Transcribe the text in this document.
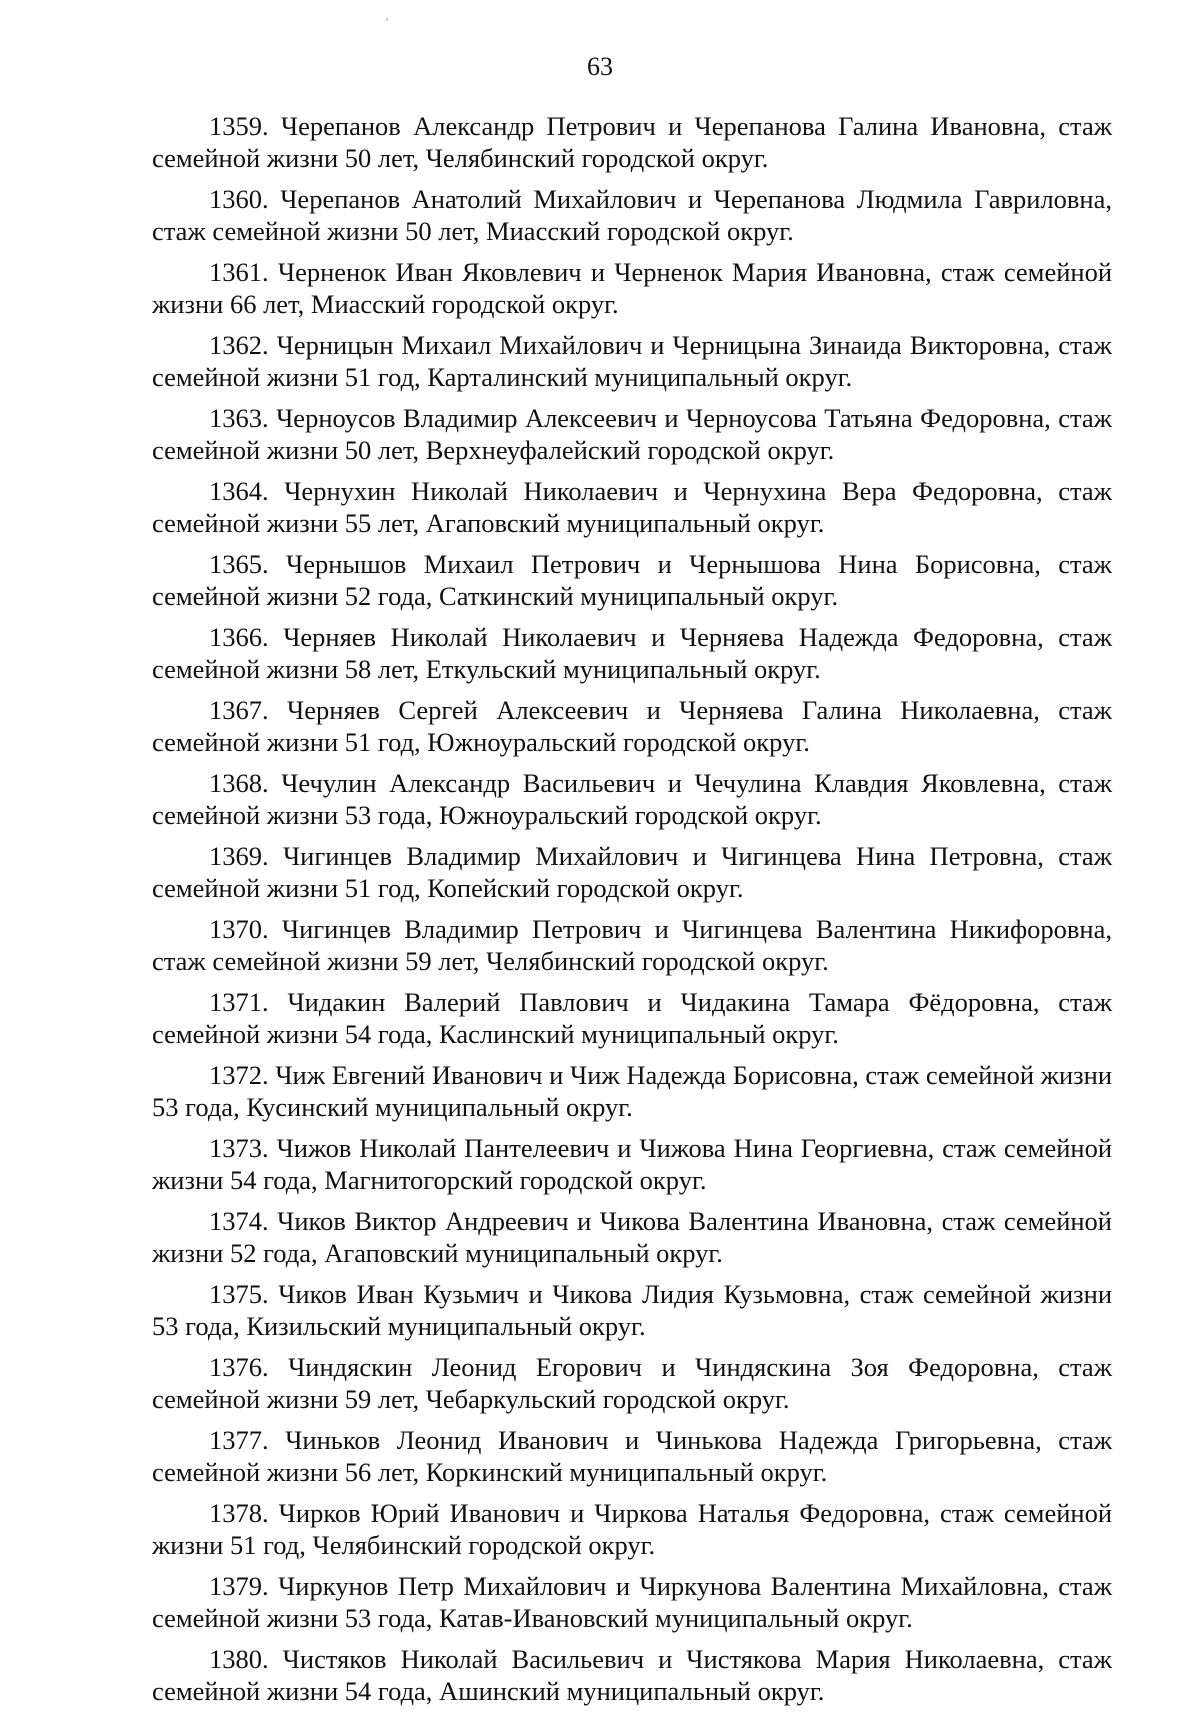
63

1359. Черепанов Александр Петрович и Черепанова Галина Ивановна, стаж семейной жизни 50 лет, Челябинский городской округ.

1360. Черепанов Анатолий Михайлович и Черепанова Людмила Гавриловна, стаж семейной жизни 50 лет, Миасский городской округ.

1361. Черненок Иван Яковлевич и Черненок Мария Ивановна, стаж семейной жизни 66 лет, Миасский городской округ.

1362. Черницын Михаил Михайлович и Черницына Зинаида Викторовна, стаж семейной жизни 51 год, Карталинский муниципальный округ.

1363. Черноусов Владимир Алексеевич и Черноусова Татьяна Федоровна, стаж семейной жизни 50 лет, Верхнеуфалейский городской округ.

1364. Чернухин Николай Николаевич и Чернухина Вера Федоровна, стаж семейной жизни 55 лет, Агаповский муниципальный округ.

1365. Чернышов Михаил Петрович и Чернышова Нина Борисовна, стаж семейной жизни 52 года, Саткинский муниципальный округ.

1366. Черняев Николай Николаевич и Черняева Надежда Федоровна, стаж семейной жизни 58 лет, Еткульский муниципальный округ.

1367. Черняев Сергей Алексеевич и Черняева Галина Николаевна, стаж семейной жизни 51 год, Южноуральский городской округ.

1368. Чечулин Александр Васильевич и Чечулина Клавдия Яковлевна, стаж семейной жизни 53 года, Южноуральский городской округ.

1369. Чигинцев Владимир Михайлович и Чигинцева Нина Петровна, стаж семейной жизни 51 год, Копейский городской округ.

1370. Чигинцев Владимир Петрович и Чигинцева Валентина Никифоровна, стаж семейной жизни 59 лет, Челябинский городской округ.

1371. Чидакин Валерий Павлович и Чидакина Тамара Фёдоровна, стаж семейной жизни 54 года, Каслинский муниципальный округ.

1372. Чиж Евгений Иванович и Чиж Надежда Борисовна, стаж семейной жизни 53 года, Кусинский муниципальный округ.

1373. Чижов Николай Пантелеевич и Чижова Нина Георгиевна, стаж семейной жизни 54 года, Магнитогорский городской округ.

1374. Чиков Виктор Андреевич и Чикова Валентина Ивановна, стаж семейной жизни 52 года, Агаповский муниципальный округ.

1375. Чиков Иван Кузьмич и Чикова Лидия Кузьмовна, стаж семейной жизни 53 года, Кизильский муниципальный округ.

1376. Чиндяскин Леонид Егорович и Чиндяскина Зоя Федоровна, стаж семейной жизни 59 лет, Чебаркульский городской округ.

1377. Чиньков Леонид Иванович и Чинькова Надежда Григорьевна, стаж семейной жизни 56 лет, Коркинский муниципальный округ.

1378. Чирков Юрий Иванович и Чиркова Наталья Федоровна, стаж семейной жизни 51 год, Челябинский городской округ.

1379. Чиркунов Петр Михайлович и Чиркунова Валентина Михайловна, стаж семейной жизни 53 года, Катав-Ивановский муниципальный округ.

1380. Чистяков Николай Васильевич и Чистякова Мария Николаевна, стаж семейной жизни 54 года, Ашинский муниципальный округ.
